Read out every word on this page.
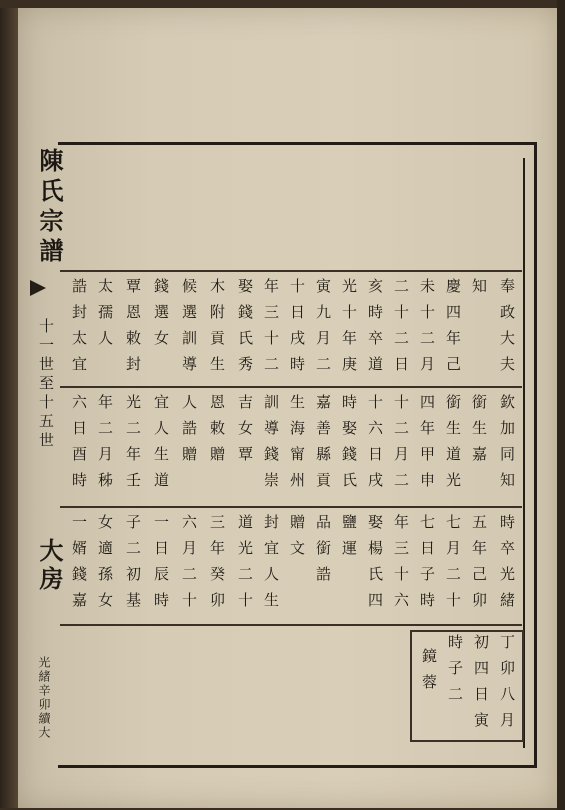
陳氏宗譜
十一世至十五世
大房
光緒辛卯續大
誥封太宜 太孺人 覃恩敕封 錢選女 候選訓導 木附貢生 娶錢氏秀 年三十二 十日戌時 寅九月二 光十年庚 亥時卒道 二十二日 未十二月 慶四年己 知 奉政大夫
欽加同知
銜生嘉
六日酉時 年二月秭 光二年壬 宜人生道 人誥贈 恩敕贈 吉女覃 訓導錢崇 生海甯州 嘉善縣貢 時娶錢氏 十六日戌 十二月二 四年甲申 銜生道光
一婿錢嘉 女適孫女 子二初基 一日辰時 六月二十 三年癸卯 道光二十 封宜人生 贈文 品銜誥 鹽運 娶楊氏四 年三十六 七日子時 七月二十 五年己卯 時卒光緒
丁卯八月
初四日寅
時子二
鏡蓉
